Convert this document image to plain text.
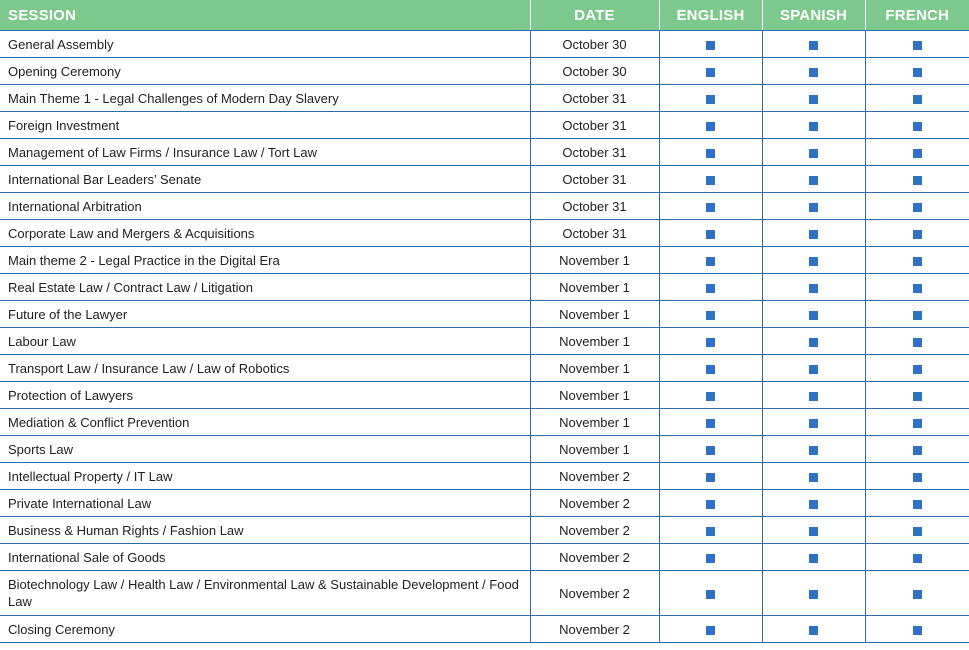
SESSION	DATE	ENGLISH	SPANISH	FRENCH
General Assembly	October 30			
Opening Ceremony	October 30			
Main Theme 1 - Legal Challenges of Modern Day Slavery	October 31			
Foreign Investment	October 31			
Management of Law Firms / Insurance Law / Tort Law	October 31			
International Bar Leaders’ Senate	October 31			
International Arbitration	October 31			
Corporate Law and Mergers & Acquisitions	October 31			
Main theme 2 - Legal Practice in the Digital Era	November 1			
Real Estate Law / Contract Law / Litigation	November 1			
Future of the Lawyer	November 1			
Labour Law	November 1			
Transport Law / Insurance Law / Law of Robotics	November 1			
Protection of Lawyers	November 1			
Mediation & Conflict Prevention	November 1			
Sports Law	November 1			
Intellectual Property / IT Law	November 2			
Private International Law	November 2			
Business & Human Rights / Fashion Law	November 2			
International Sale of Goods	November 2			
Biotechnology Law / Health Law / Environmental Law & Sustainable Development / Food Law	November 2			
Closing Ceremony	November 2			
